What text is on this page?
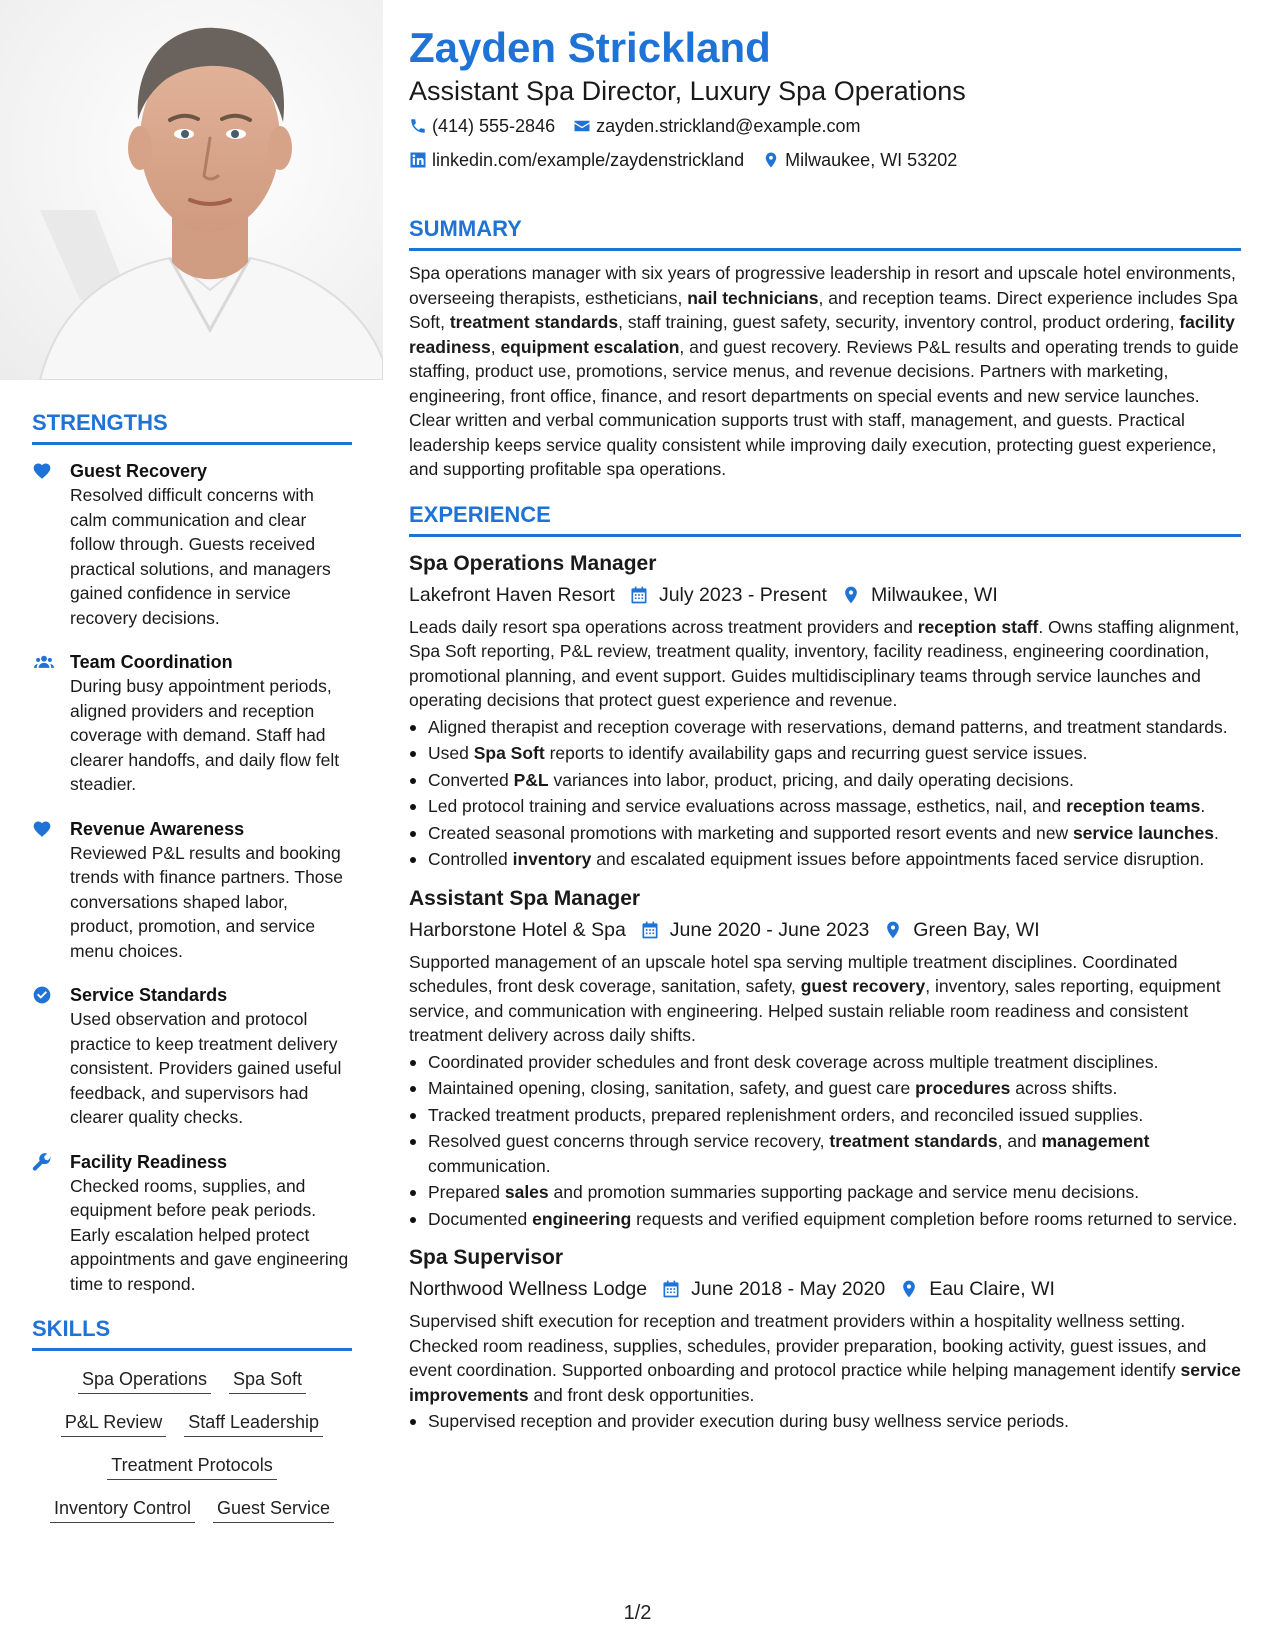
STRENGTHS
Guest Recovery
Resolved difficult concerns with calm communication and clear follow through. Guests received practical solutions, and managers gained confidence in service recovery decisions.
Team Coordination
During busy appointment periods, aligned providers and reception coverage with demand. Staff had clearer handoffs, and daily flow felt steadier.
Revenue Awareness
Reviewed P&L results and booking trends with finance partners. Those conversations shaped labor, product, promotion, and service menu choices.
Service Standards
Used observation and protocol practice to keep treatment delivery consistent. Providers gained useful feedback, and supervisors had clearer quality checks.
Facility Readiness
Checked rooms, supplies, and equipment before peak periods. Early escalation helped protect appointments and gave engineering time to respond.
SKILLS
Spa Operations Spa Soft
P&L Review Staff Leadership
Treatment Protocols
Inventory Control Guest Service
Zayden Strickland
Assistant Spa Director, Luxury Spa Operations
(414) 555-2846 zayden.strickland@example.com
linkedin.com/example/zaydenstrickland Milwaukee, WI 53202
SUMMARY
Spa operations manager with six years of progressive leadership in resort and upscale hotel environments, overseeing therapists, estheticians, nail technicians, and reception teams. Direct experience includes Spa Soft, treatment standards, staff training, guest safety, security, inventory control, product ordering, facility readiness, equipment escalation, and guest recovery. Reviews P&L results and operating trends to guide staffing, product use, promotions, service menus, and revenue decisions. Partners with marketing, engineering, front office, finance, and resort departments on special events and new service launches. Clear written and verbal communication supports trust with staff, management, and guests. Practical leadership keeps service quality consistent while improving daily execution, protecting guest experience, and supporting profitable spa operations.
EXPERIENCE
Spa Operations Manager
Lakefront Haven Resort July 2023 - Present Milwaukee, WI
Leads daily resort spa operations across treatment providers and reception staff. Owns staffing alignment, Spa Soft reporting, P&L review, treatment quality, inventory, facility readiness, engineering coordination, promotional planning, and event support. Guides multidisciplinary teams through service launches and operating decisions that protect guest experience and revenue.
Aligned therapist and reception coverage with reservations, demand patterns, and treatment standards.
Used Spa Soft reports to identify availability gaps and recurring guest service issues.
Converted P&L variances into labor, product, pricing, and daily operating decisions.
Led protocol training and service evaluations across massage, esthetics, nail, and reception teams.
Created seasonal promotions with marketing and supported resort events and new service launches.
Controlled inventory and escalated equipment issues before appointments faced service disruption.
Assistant Spa Manager
Harborstone Hotel & Spa June 2020 - June 2023 Green Bay, WI
Supported management of an upscale hotel spa serving multiple treatment disciplines. Coordinated schedules, front desk coverage, sanitation, safety, guest recovery, inventory, sales reporting, equipment service, and communication with engineering. Helped sustain reliable room readiness and consistent treatment delivery across daily shifts.
Coordinated provider schedules and front desk coverage across multiple treatment disciplines.
Maintained opening, closing, sanitation, safety, and guest care procedures across shifts.
Tracked treatment products, prepared replenishment orders, and reconciled issued supplies.
Resolved guest concerns through service recovery, treatment standards, and management communication.
Prepared sales and promotion summaries supporting package and service menu decisions.
Documented engineering requests and verified equipment completion before rooms returned to service.
Spa Supervisor
Northwood Wellness Lodge June 2018 - May 2020 Eau Claire, WI
Supervised shift execution for reception and treatment providers within a hospitality wellness setting. Checked room readiness, supplies, schedules, provider preparation, booking activity, guest issues, and event coordination. Supported onboarding and protocol practice while helping management identify service improvements and front desk opportunities.
Supervised reception and provider execution during busy wellness service periods.
1/2
